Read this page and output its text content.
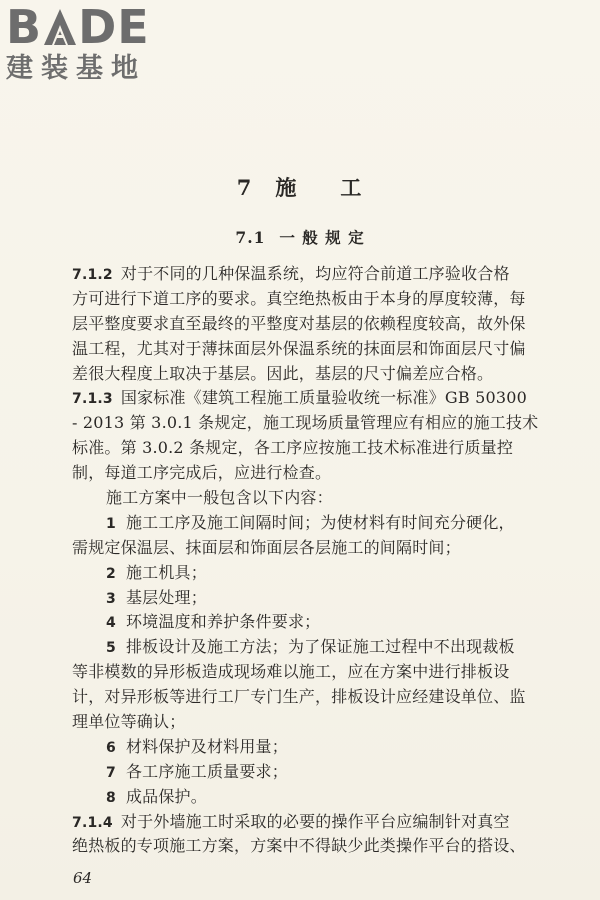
B DE
建装基地
7 施 工
7.1 一 般 规 定
7.1.2 对于不同的几种保温系统，均应符合前道工序验收合格
方可进行下道工序的要求。真空绝热板由于本身的厚度较薄，每
层平整度要求直至最终的平整度对基层的依赖程度较高，故外保
温工程，尤其对于薄抹面层外保温系统的抹面层和饰面层尺寸偏
差很大程度上取决于基层。因此，基层的尺寸偏差应合格。
7.1.3 国家标准《建筑工程施工质量验收统一标准》GB 50300
- 2013 第 3.0.1 条规定，施工现场质量管理应有相应的施工技术
标准。第 3.0.2 条规定，各工序应按施工技术标准进行质量控
制，每道工序完成后，应进行检查。
施工方案中一般包含以下内容：
1 施工工序及施工间隔时间；为使材料有时间充分硬化，
需规定保温层、抹面层和饰面层各层施工的间隔时间；
2 施工机具；
3 基层处理；
4 环境温度和养护条件要求；
5 排板设计及施工方法；为了保证施工过程中不出现裁板
等非模数的异形板造成现场难以施工，应在方案中进行排板设
计，对异形板等进行工厂专门生产，排板设计应经建设单位、监
理单位等确认；
6 材料保护及材料用量；
7 各工序施工质量要求；
8 成品保护。
7.1.4 对于外墙施工时采取的必要的操作平台应编制针对真空
绝热板的专项施工方案，方案中不得缺少此类操作平台的搭设、
64
